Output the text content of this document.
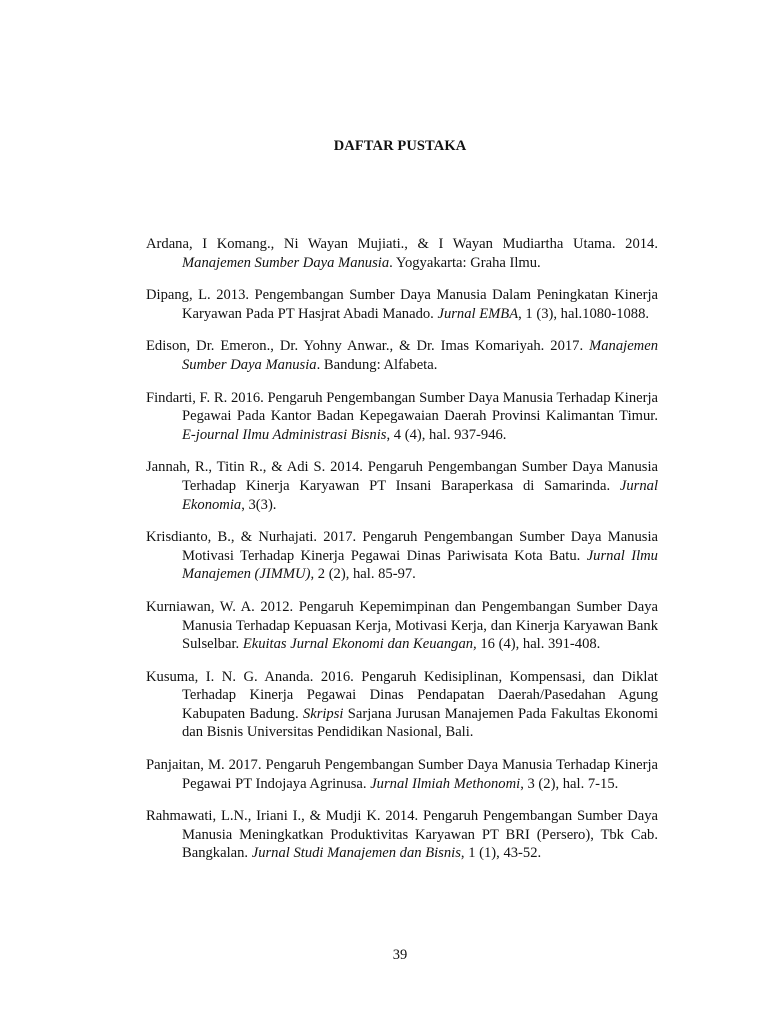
DAFTAR PUSTAKA

Ardana, I Komang., Ni Wayan Mujiati., & I Wayan Mudiartha Utama. 2014. Manajemen Sumber Daya Manusia. Yogyakarta: Graha Ilmu.

Dipang, L. 2013. Pengembangan Sumber Daya Manusia Dalam Peningkatan Kinerja Karyawan Pada PT Hasjrat Abadi Manado. Jurnal EMBA, 1 (3), hal.1080-1088.

Edison, Dr. Emeron., Dr. Yohny Anwar., & Dr. Imas Komariyah. 2017. Manajemen Sumber Daya Manusia. Bandung: Alfabeta.

Findarti, F. R. 2016. Pengaruh Pengembangan Sumber Daya Manusia Terhadap Kinerja Pegawai Pada Kantor Badan Kepegawaian Daerah Provinsi Kalimantan Timur. E-journal Ilmu Administrasi Bisnis, 4 (4), hal. 937-946.

Jannah, R., Titin R., & Adi S. 2014. Pengaruh Pengembangan Sumber Daya Manusia Terhadap Kinerja Karyawan PT Insani Baraperkasa di Samarinda. Jurnal Ekonomia, 3(3).

Krisdianto, B., & Nurhajati. 2017. Pengaruh Pengembangan Sumber Daya Manusia Motivasi Terhadap Kinerja Pegawai Dinas Pariwisata Kota Batu. Jurnal Ilmu Manajemen (JIMMU), 2 (2), hal. 85-97.

Kurniawan, W. A. 2012. Pengaruh Kepemimpinan dan Pengembangan Sumber Daya Manusia Terhadap Kepuasan Kerja, Motivasi Kerja, dan Kinerja Karyawan Bank Sulselbar. Ekuitas Jurnal Ekonomi dan Keuangan, 16 (4), hal. 391-408.

Kusuma, I. N. G. Ananda. 2016. Pengaruh Kedisiplinan, Kompensasi, dan Diklat Terhadap Kinerja Pegawai Dinas Pendapatan Daerah/Pasedahan Agung Kabupaten Badung. Skripsi Sarjana Jurusan Manajemen Pada Fakultas Ekonomi dan Bisnis Universitas Pendidikan Nasional, Bali.

Panjaitan, M. 2017. Pengaruh Pengembangan Sumber Daya Manusia Terhadap Kinerja Pegawai PT Indojaya Agrinusa. Jurnal Ilmiah Methonomi, 3 (2), hal. 7-15.

Rahmawati, L.N., Iriani I., & Mudji K. 2014. Pengaruh Pengembangan Sumber Daya Manusia Meningkatkan Produktivitas Karyawan PT BRI (Persero), Tbk Cab. Bangkalan. Jurnal Studi Manajemen dan Bisnis, 1 (1), 43-52.

39
